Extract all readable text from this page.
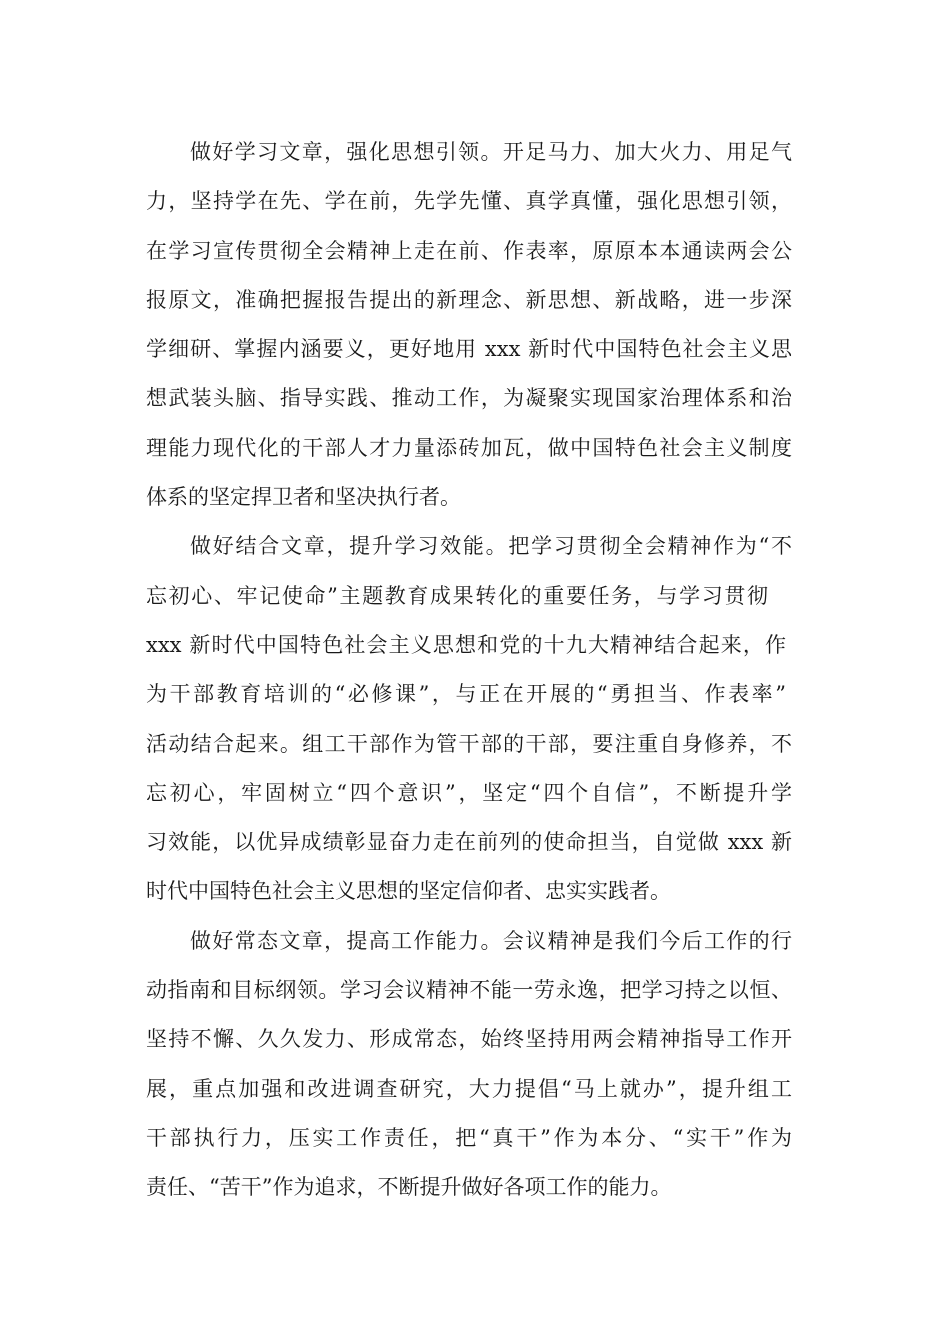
做好学习文章，强化思想引领。开足马力、加大火力、用足气
力，坚持学在先、学在前，先学先懂、真学真懂，强化思想引领，
在学习宣传贯彻全会精神上走在前、作表率，原原本本通读两会公
报原文，准确把握报告提出的新理念、新思想、新战略，进一步深
学细研、掌握内涵要义，更好地用 xxx 新时代中国特色社会主义思
想武装头脑、指导实践、推动工作，为凝聚实现国家治理体系和治
理能力现代化的干部人才力量添砖加瓦，做中国特色社会主义制度
体系的坚定捍卫者和坚决执行者。
做好结合文章，提升学习效能。把学习贯彻全会精神作为“不
忘初心、牢记使命”主题教育成果转化的重要任务，与学习贯彻
xxx 新时代中国特色社会主义思想和党的十九大精神结合起来，作
为干部教育培训的“必修课”，与正在开展的“勇担当、作表率”
活动结合起来。组工干部作为管干部的干部，要注重自身修养，不
忘初心，牢固树立“四个意识”，坚定“四个自信”，不断提升学
习效能，以优异成绩彰显奋力走在前列的使命担当，自觉做 xxx 新
时代中国特色社会主义思想的坚定信仰者、忠实实践者。
做好常态文章，提高工作能力。会议精神是我们今后工作的行
动指南和目标纲领。学习会议精神不能一劳永逸，把学习持之以恒、
坚持不懈、久久发力、形成常态，始终坚持用两会精神指导工作开
展，重点加强和改进调查研究，大力提倡“马上就办”，提升组工
干部执行力，压实工作责任，把“真干”作为本分、“实干”作为
责任、“苦干”作为追求，不断提升做好各项工作的能力。
